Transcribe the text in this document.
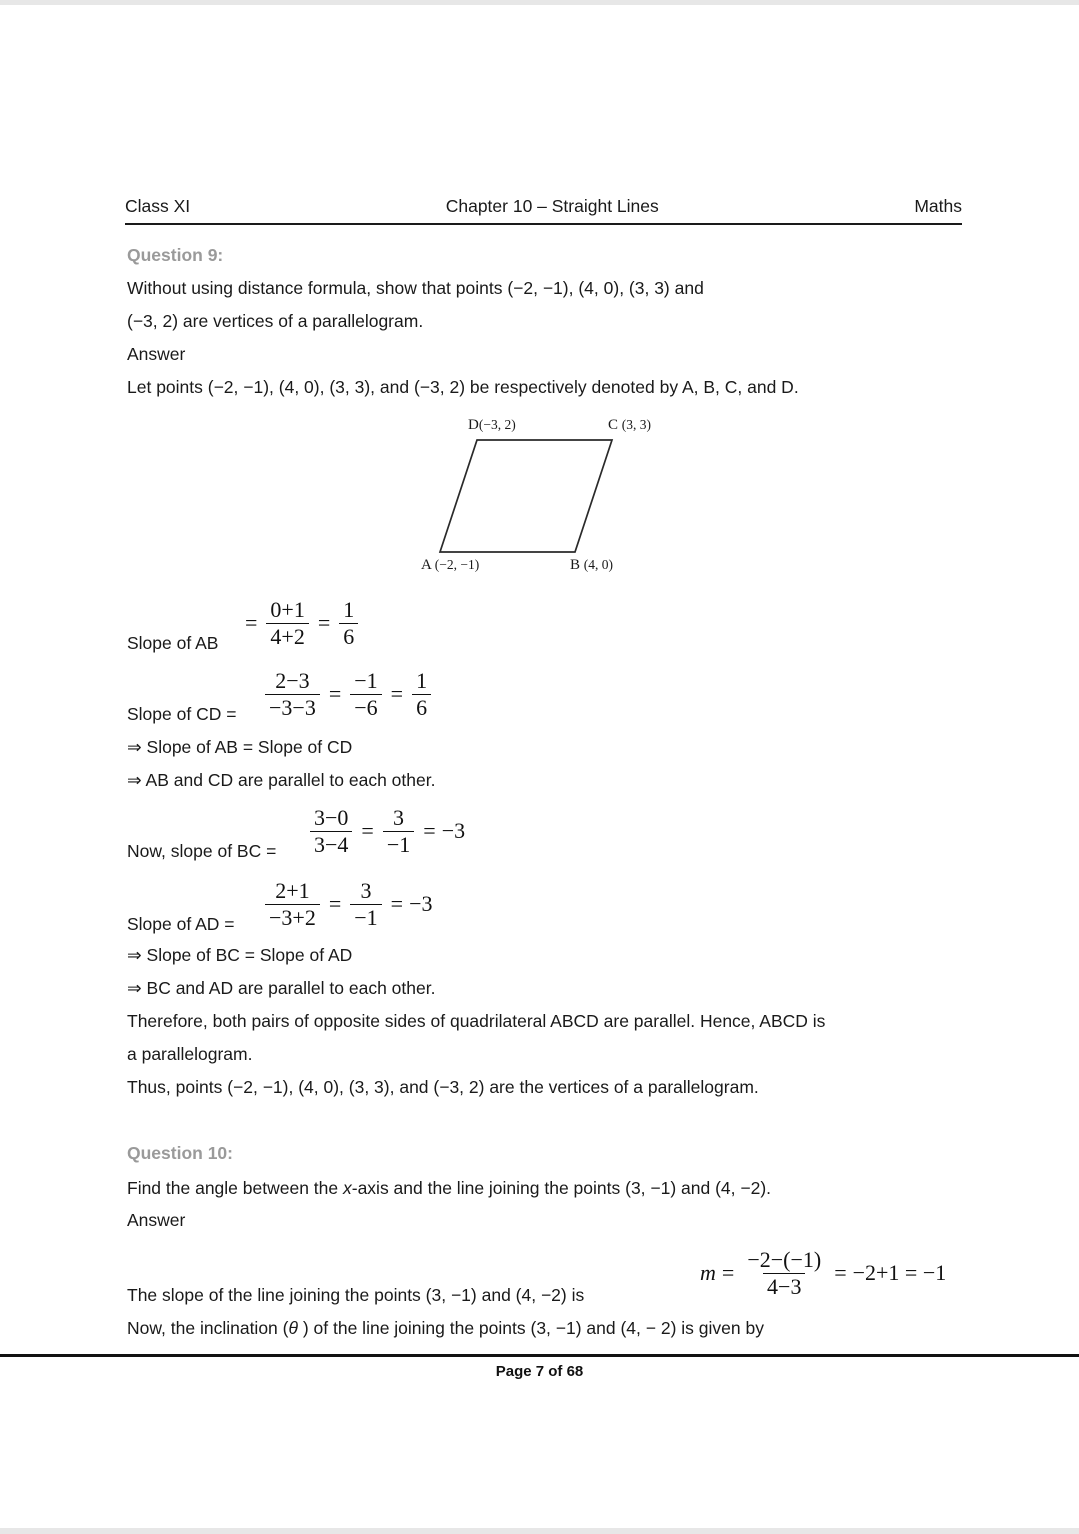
Class XI	Chapter 10 – Straight Lines	Maths
Question 9:
Without using distance formula, show that points (−2, −1), (4, 0), (3, 3) and
(−3, 2) are vertices of a parallelogram.
Answer
Let points (−2, −1), (4, 0), (3, 3), and (−3, 2) be respectively denoted by A, B, C, and D.
D(−3, 2)	C (3, 3)
A (−2, −1)	B (4, 0)
Slope of AB
= $\frac{0+1}{4+2} = \frac{1}{6}$
Slope of CD = $\frac{2-3}{-3-3} = \frac{-1}{-6} = \frac{1}{6}$
⇒ Slope of AB = Slope of CD
⇒ AB and CD are parallel to each other.
Now, slope of BC = $\frac{3-0}{3-4} = \frac{3}{-1} = -3$
Slope of AD = $\frac{2+1}{-3+2} = \frac{3}{-1} = -3$
⇒ Slope of BC = Slope of AD
⇒ BC and AD are parallel to each other.
Therefore, both pairs of opposite sides of quadrilateral ABCD are parallel. Hence, ABCD is
a parallelogram.
Thus, points (−2, −1), (4, 0), (3, 3), and (−3, 2) are the vertices of a parallelogram.
Question 10:
Find the angle between the x-axis and the line joining the points (3, −1) and (4, −2).
Answer
The slope of the line joining the points (3, −1) and (4, −2) is
$m = \frac{-2-(-1)}{4-3} = -2+1 = -1$
Now, the inclination (θ ) of the line joining the points (3, −1) and (4, − 2) is given by
Page 7 of 68
